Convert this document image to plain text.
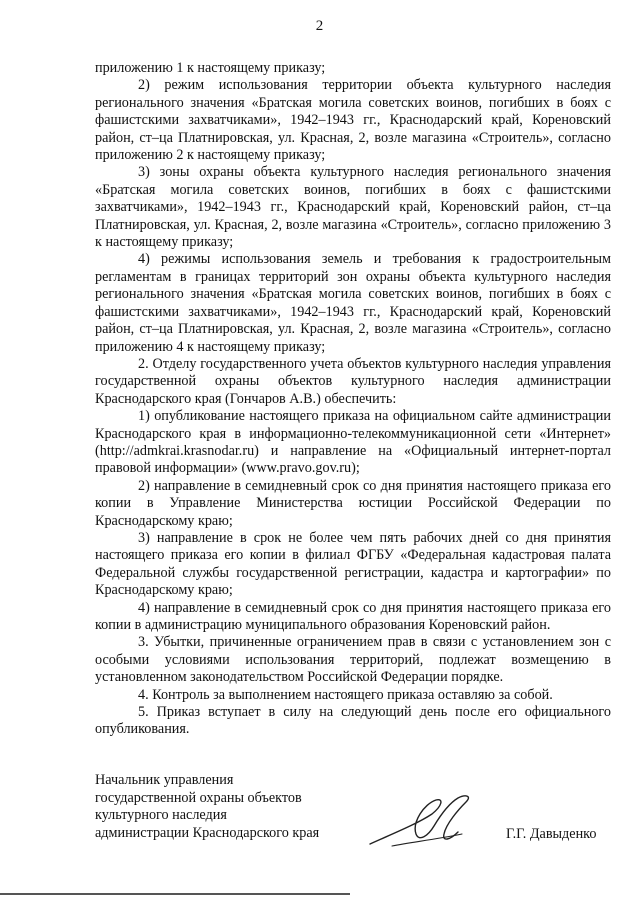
2

приложению 1 к настоящему приказу;

2) режим использования территории объекта культурного наследия регионального значения «Братская могила советских воинов, погибших в боях с фашистскими захватчиками», 1942–1943 гг., Краснодарский край, Кореновский район, ст–ца Платнировская, ул. Красная, 2, возле магазина «Строитель», согласно приложению 2 к настоящему приказу;

3) зоны охраны объекта культурного наследия регионального значения «Братская могила советских воинов, погибших в боях с фашистскими захватчиками», 1942–1943 гг., Краснодарский край, Кореновский район, ст–ца Платнировская, ул. Красная, 2, возле магазина «Строитель», согласно приложению 3 к настоящему приказу;

4) режимы использования земель и требования к градостроительным регламентам в границах территорий зон охраны объекта культурного наследия регионального значения «Братская могила советских воинов, погибших в боях с фашистскими захватчиками», 1942–1943 гг., Краснодарский край, Кореновский район, ст–ца Платнировская, ул. Красная, 2, возле магазина «Строитель», согласно приложению 4 к настоящему приказу;

2. Отделу государственного учета объектов культурного наследия управления государственной охраны объектов культурного наследия администрации Краснодарского края (Гончаров А.В.) обеспечить:

1) опубликование настоящего приказа на официальном сайте администрации Краснодарского края в информационно-телекоммуникационной сети «Интернет» (http://admkrai.krasnodar.ru) и направление на «Официальный интернет-портал правовой информации» (www.pravo.gov.ru);

2) направление в семидневный срок со дня принятия настоящего приказа его копии в Управление Министерства юстиции Российской Федерации по Краснодарскому краю;

3) направление в срок не более чем пять рабочих дней со дня принятия настоящего приказа его копии в филиал ФГБУ «Федеральная кадастровая палата Федеральной службы государственной регистрации, кадастра и картографии» по Краснодарскому краю;

4) направление в семидневный срок со дня принятия настоящего приказа его копии в администрацию муниципального образования Кореновский район.

3. Убытки, причиненные ограничением прав в связи с установлением зон с особыми условиями использования территорий, подлежат возмещению в установленном законодательством Российской Федерации порядке.

4. Контроль за выполнением настоящего приказа оставляю за собой.

5. Приказ вступает в силу на следующий день после его официального опубликования.

Начальник управления
государственной охраны объектов
культурного наследия
администрации Краснодарского края	Г.Г. Давыденко
